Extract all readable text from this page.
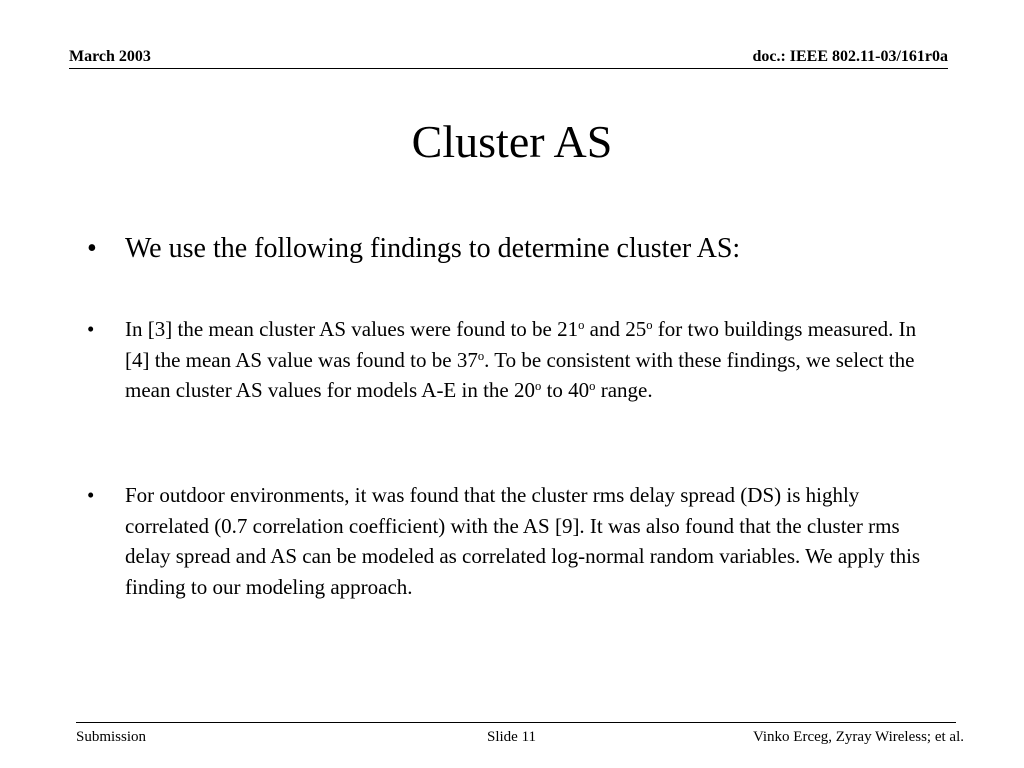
March 2003	doc.: IEEE 802.11-03/161r0a
Cluster AS
•	We use the following findings to determine cluster AS:
•	In [3] the mean cluster AS values were found to be 21$^o$ and 25$^o$ for two buildings measured. In [4] the mean AS value was found to be 37$^o$. To be consistent with these findings, we select the mean cluster AS values for models A-E in the 20$^o$ to 40$^o$ range.
•	For outdoor environments, it was found that the cluster rms delay spread (DS) is highly correlated (0.7 correlation coefficient) with the AS [9]. It was also found that the cluster rms delay spread and AS can be modeled as correlated log-normal random variables. We apply this finding to our modeling approach.
Submission	Slide 11	Vinko Erceg, Zyray Wireless; et al.
